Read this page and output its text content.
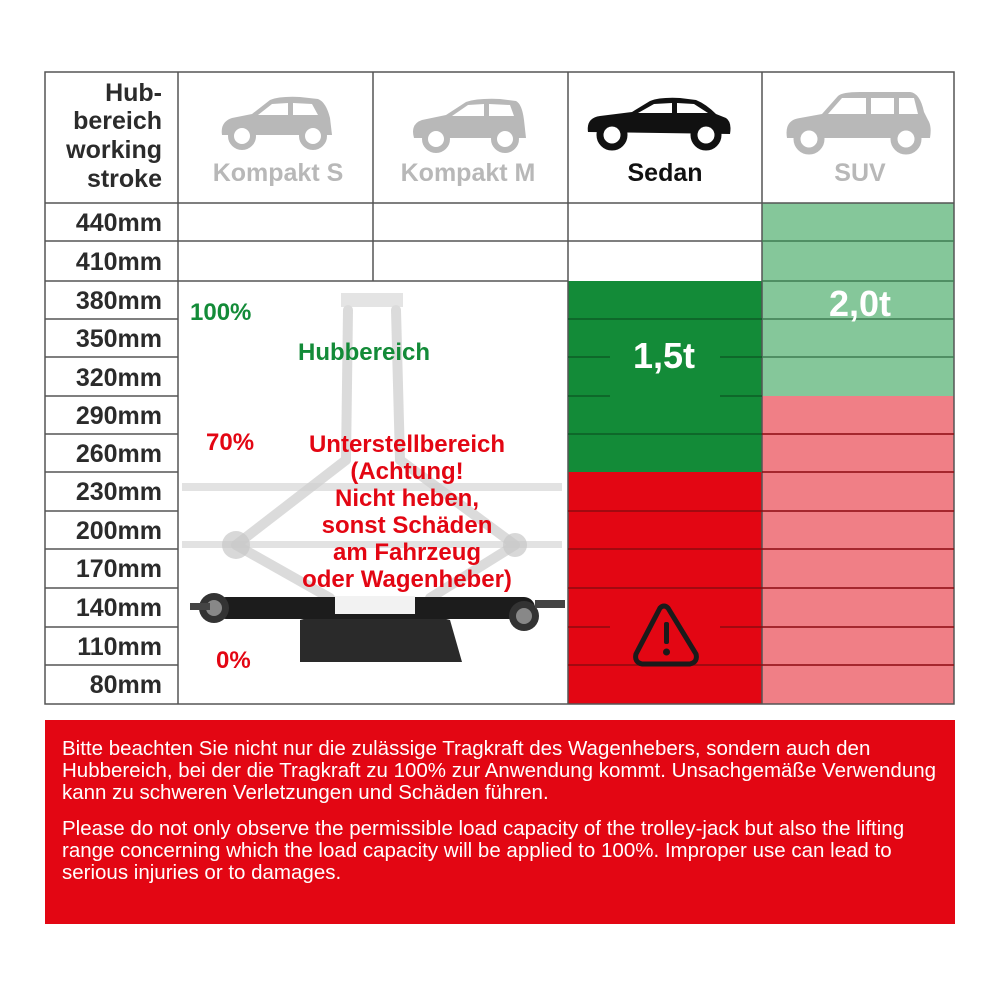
Hub-
bereich
working
stroke Kompakt S Kompakt M	Sedan	SUV
440mm
410mm
380mm
350mm
320mm
290mm
260mm
230mm
200mm
170mm
140mm
110mm
80mm
100%
Hubbereich
70%
0%
Unterstellbereich
(Achtung!
Nicht heben,
sonst Schäden
am Fahrzeug
oder Wagenheber)
1,5t
2,0t

Bitte beachten Sie nicht nur die zulässige Tragkraft des Wagenhebers, sondern auch den Hubbereich, bei der die Tragkraft zu 100% zur Anwendung kommt. Unsachgemäße Verwendung kann zu schweren Verletzungen und Schäden führen.

Please do not only observe the permissible load capacity of the trolley-jack but also the lifting range concerning which the load capacity will be applied to 100%. Improper use can lead to serious injuries or to damages.
